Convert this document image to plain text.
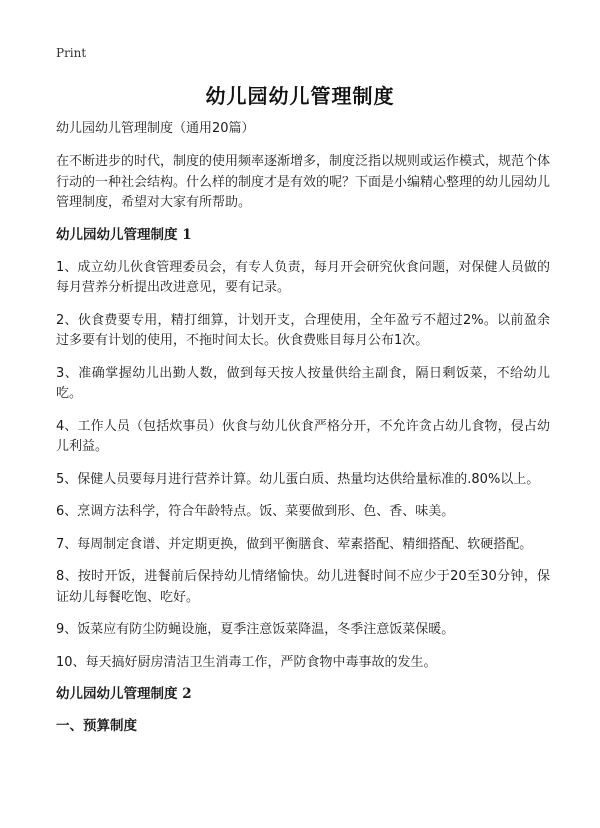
Print
幼儿园幼儿管理制度
幼儿园幼儿管理制度（通用20篇）

在不断进步的时代，制度的使用频率逐渐增多，制度泛指以规则或运作模式，规范个体行动的一种社会结构。什么样的制度才是有效的呢？下面是小编精心整理的幼儿园幼儿管理制度，希望对大家有所帮助。

幼儿园幼儿管理制度 1

1、成立幼儿伙食管理委员会，有专人负责，每月开会研究伙食问题，对保健人员做的每月营养分析提出改进意见，要有记录。

2、伙食费要专用，精打细算，计划开支，合理使用，全年盈亏不超过2%。以前盈余过多要有计划的使用，不拖时间太长。伙食费账目每月公布1次。

3、准确掌握幼儿出勤人数，做到每天按人按量供给主副食，隔日剩饭菜，不给幼儿吃。

4、工作人员（包括炊事员）伙食与幼儿伙食严格分开，不允许贪占幼儿食物，侵占幼儿利益。

5、保健人员要每月进行营养计算。幼儿蛋白质、热量均达供给量标准的.80%以上。

6、烹调方法科学，符合年龄特点。饭、菜要做到形、色、香、味美。

7、每周制定食谱、并定期更换，做到平衡膳食、荤素搭配、精细搭配、软硬搭配。

8、按时开饭，进餐前后保持幼儿情绪愉快。幼儿进餐时间不应少于20至30分钟，保证幼儿每餐吃饱、吃好。

9、饭菜应有防尘防蝇设施，夏季注意饭菜降温，冬季注意饭菜保暖。

10、每天搞好厨房清洁卫生消毒工作，严防食物中毒事故的发生。

幼儿园幼儿管理制度 2
一、预算制度
